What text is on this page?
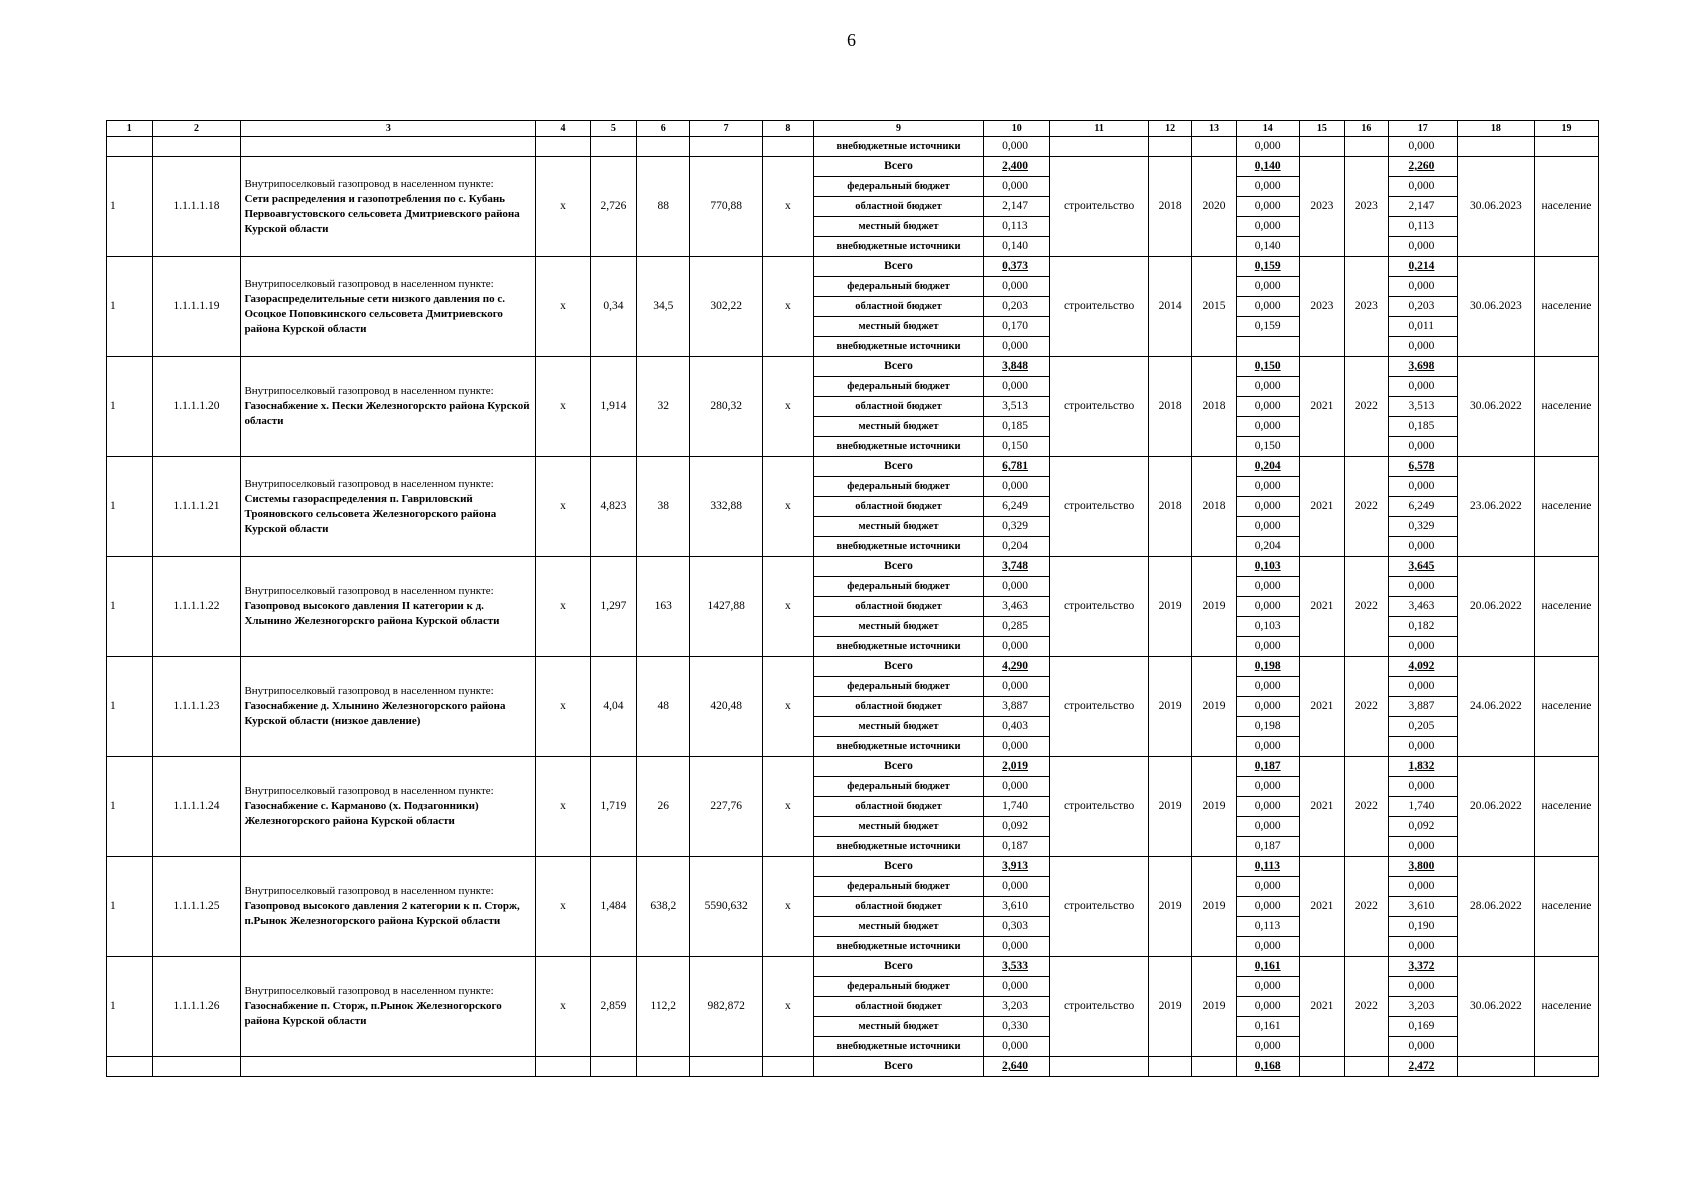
6
1	2	3	4	5	6	7	8	9	10	11	12	13	14	15	16	17	18	19
								внебюджетные источники	0,000				0,000			0,000		
1	1.1.1.1.18	Внутрипоселковый газопровод в населенном пункте:
Сети распределения и газопотребления по с. Кубань Первоавгустовского сельсовета Дмитриевского района Курской области	x	2,726	88	770,88	x	Всего	2,400	строительство	2018	2020	0,140	2023	2023	2,260	30.06.2023	население
								федеральный бюджет	0,000				0,000			0,000		
								областной бюджет	2,147				0,000			2,147		
								местный бюджет	0,113				0,000			0,113		
								внебюджетные источники	0,140				0,140			0,000		
1	1.1.1.1.19	Внутрипоселковый газопровод в населенном пункте:
Газораспределительные сети низкого давления по с. Осоцкое Поповкинского сельсовета Дмитриевского района Курской области	x	0,34	34,5	302,22	x	Всего	0,373	строительство	2014	2015	0,159	2023	2023	0,214	30.06.2023	население
								федеральный бюджет	0,000				0,000			0,000		
								областной бюджет	0,203				0,000			0,203		
								местный бюджет	0,170				0,159			0,011		
								внебюджетные источники	0,000							0,000		
1	1.1.1.1.20	Внутрипоселковый газопровод в населенном пункте:
Газоснабжение х. Пески Железногорскто района Курской области	x	1,914	32	280,32	x	Всего	3,848	строительство	2018	2018	0,150	2021	2022	3,698	30.06.2022	население
								федеральный бюджет	0,000				0,000			0,000		
								областной бюджет	3,513				0,000			3,513		
								местный бюджет	0,185				0,000			0,185		
								внебюджетные источники	0,150				0,150			0,000		
1	1.1.1.1.21	Внутрипоселковый газопровод в населенном пункте:
Системы газораспределения п. Гавриловский Трояновского сельсовета Железногорского района Курской области	x	4,823	38	332,88	x	Всего	6,781	строительство	2018	2018	0,204	2021	2022	6,578	23.06.2022	население
								федеральный бюджет	0,000				0,000			0,000		
								областной бюджет	6,249				0,000			6,249		
								местный бюджет	0,329				0,000			0,329		
								внебюджетные источники	0,204				0,204			0,000		
1	1.1.1.1.22	Внутрипоселковый газопровод в населенном пункте:
Газопровод высокого давления II категории к д. Хлынино Железногорскго района Курской области	x	1,297	163	1427,88	x	Всего	3,748	строительство	2019	2019	0,103	2021	2022	3,645	20.06.2022	население
								федеральный бюджет	0,000				0,000			0,000		
								областной бюджет	3,463				0,000			3,463		
								местный бюджет	0,285				0,103			0,182		
								внебюджетные источники	0,000				0,000			0,000		
1	1.1.1.1.23	Внутрипоселковый газопровод в населенном пункте:
Газоснабжение д. Хлынино Железногорского района Курской области (низкое давление)	x	4,04	48	420,48	x	Всего	4,290	строительство	2019	2019	0,198	2021	2022	4,092	24.06.2022	население
								федеральный бюджет	0,000				0,000			0,000		
								областной бюджет	3,887				0,000			3,887		
								местный бюджет	0,403				0,198			0,205		
								внебюджетные источники	0,000				0,000			0,000		
1	1.1.1.1.24	Внутрипоселковый газопровод в населенном пункте:
Газоснабжение с. Карманово (х. Подзагонники) Железногорского района Курской области	x	1,719	26	227,76	x	Всего	2,019	строительство	2019	2019	0,187	2021	2022	1,832	20.06.2022	население
								федеральный бюджет	0,000				0,000			0,000		
								областной бюджет	1,740				0,000			1,740		
								местный бюджет	0,092				0,000			0,092		
								внебюджетные источники	0,187				0,187			0,000		
1	1.1.1.1.25	Внутрипоселковый газопровод в населенном пункте:
Газопровод высокого давления 2 категории к п. Сторж, п.Рынок Железногорского района Курской области	x	1,484	638,2	5590,632	x	Всего	3,913	строительство	2019	2019	0,113	2021	2022	3,800	28.06.2022	население
								федеральный бюджет	0,000				0,000			0,000		
								областной бюджет	3,610				0,000			3,610		
								местный бюджет	0,303				0,113			0,190		
								внебюджетные источники	0,000				0,000			0,000		
1	1.1.1.1.26	Внутрипоселковый газопровод в населенном пункте:
Газоснабжение п. Сторж, п.Рынок Железногорского района Курской области	x	2,859	112,2	982,872	x	Всего	3,533	строительство	2019	2019	0,161	2021	2022	3,372	30.06.2022	население
								федеральный бюджет	0,000				0,000			0,000		
								областной бюджет	3,203				0,000			3,203		
								местный бюджет	0,330				0,161			0,169		
								внебюджетные источники	0,000				0,000			0,000		
								Всего	2,640				0,168			2,472		
